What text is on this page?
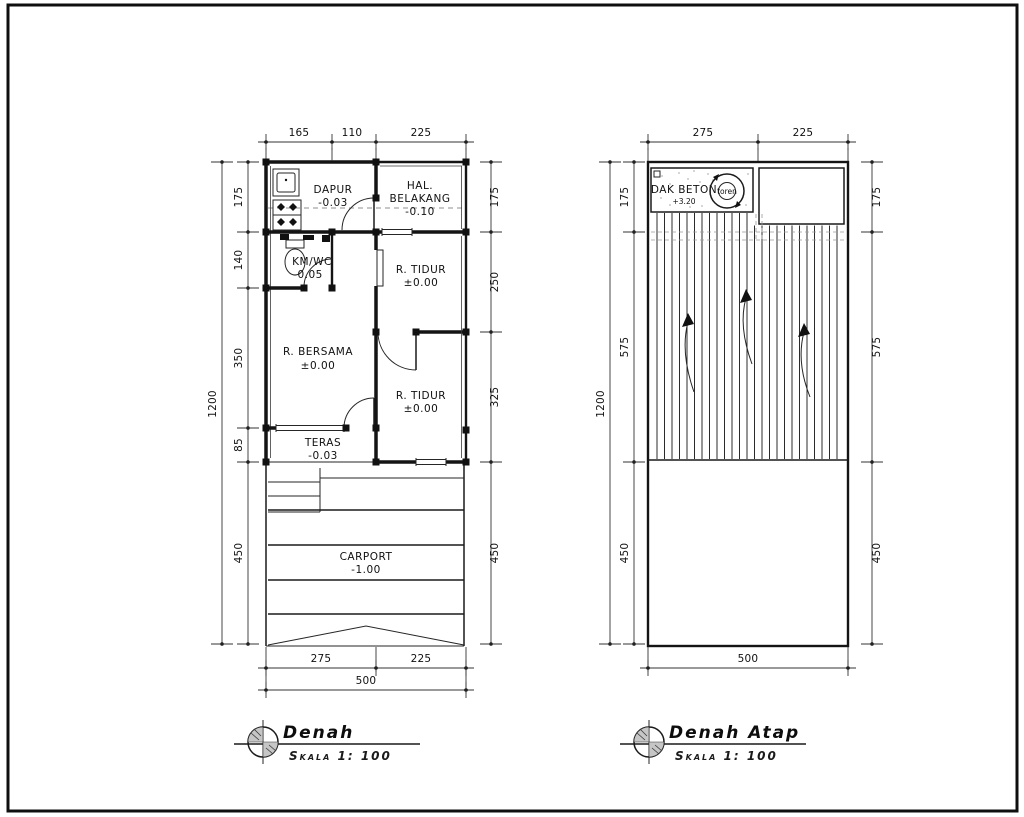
DAPUR
-0.03
HAL.
BELAKANG
-0.10
KM/WC
-0.05	R. TIDUR
±0.00
R. BERSAMA
±0.00
R. TIDUR
±0.00
TERAS
-0.03
CARPORT
-1.00
165	110	225
1200
175
140
350
85
450
175
250
325
450
275	225
500
DAK BETON
+3.20
toren
275	225
1200
175
575
450
175
575
450
500
Denah
Skala 1: 100
Denah Atap
Skala 1: 100
